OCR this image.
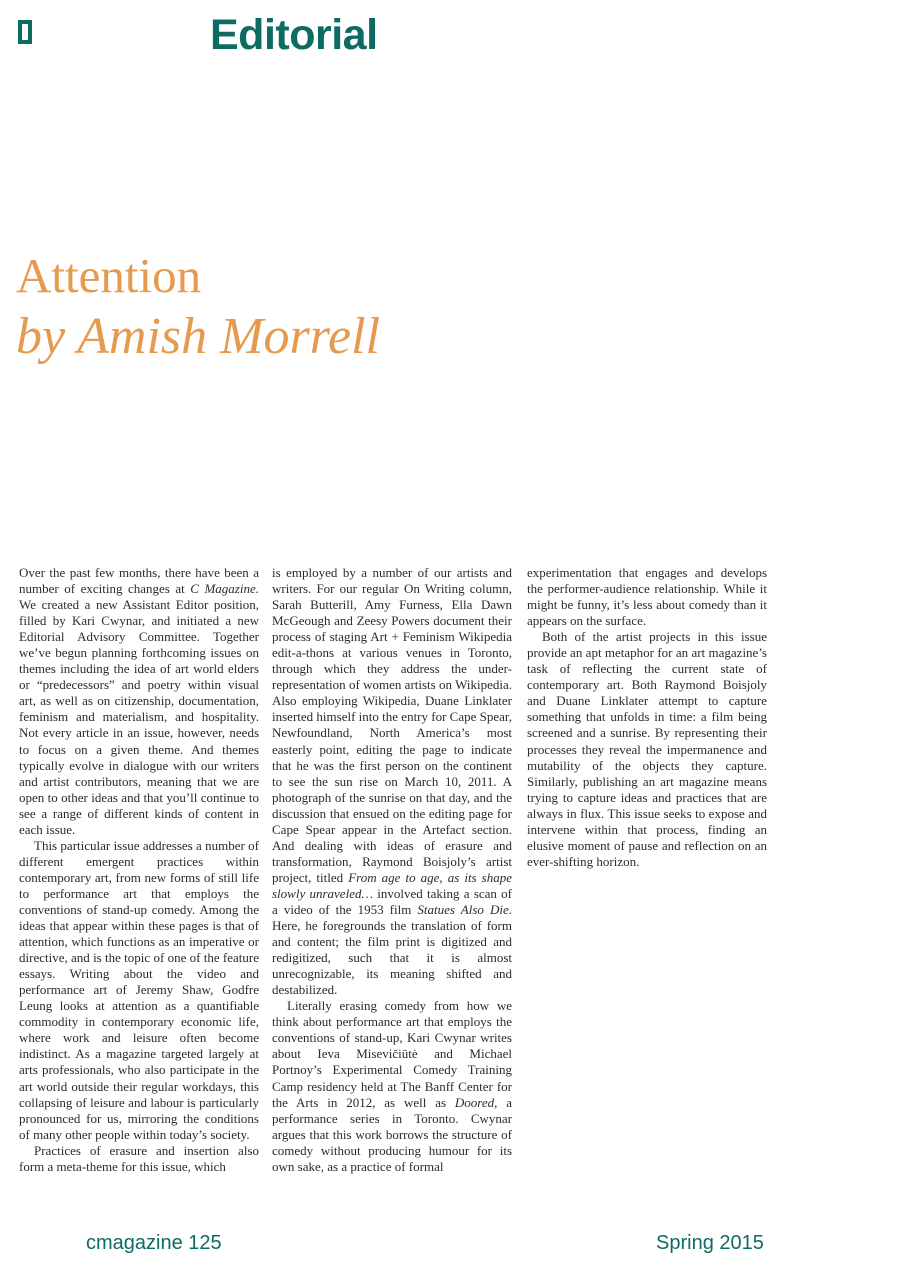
Editorial
Attention
by Amish Morrell

Over the past few months, there have been a number of exciting changes at C Magazine. We created a new Assistant Editor position, filled by Kari Cwynar, and initiated a new Editorial Advisory Committee. Together we’ve begun planning forthcoming issues on themes including the idea of art world elders or “predecessors” and poetry within visual art, as well as on citizenship, documentation, feminism and materialism, and hospitality. Not every article in an issue, however, needs to focus on a given theme. And themes typically evolve in dialogue with our writers and artist contributors, meaning that we are open to other ideas and that you’ll continue to see a range of different kinds of content in each issue.

This particular issue addresses a number of different emergent practices within contemporary art, from new forms of still life to performance art that employs the conventions of stand-up comedy. Among the ideas that appear within these pages is that of attention, which functions as an imperative or directive, and is the topic of one of the feature essays. Writing about the video and performance art of Jeremy Shaw, Godfre Leung looks at attention as a quantifiable commodity in contemporary economic life, where work and leisure often become indistinct. As a magazine targeted largely at arts professionals, who also participate in the art world outside their regular workdays, this collapsing of leisure and labour is particularly pronounced for us, mirroring the conditions of many other people within today’s society.

Practices of erasure and insertion also form a meta-theme for this issue, which

is employed by a number of our artists and writers. For our regular On Writing column, Sarah Butterill, Amy Furness, Ella Dawn McGeough and Zeesy Powers document their process of staging Art + Feminism Wikipedia edit-a-thons at various venues in Toronto, through which they address the under-representation of women artists on Wikipedia. Also employing Wikipedia, Duane Linklater inserted himself into the entry for Cape Spear, Newfoundland, North America’s most easterly point, editing the page to indicate that he was the first person on the continent to see the sun rise on March 10, 2011. A photograph of the sunrise on that day, and the discussion that ensued on the editing page for Cape Spear appear in the Artefact section. And dealing with ideas of erasure and transformation, Raymond Boisjoly’s artist project, titled From age to age, as its shape slowly unraveled… involved taking a scan of a video of the 1953 film Statues Also Die. Here, he foregrounds the translation of form and content; the film print is digitized and redigitized, such that it is almost unrecognizable, its meaning shifted and destabilized.

Literally erasing comedy from how we think about performance art that employs the conventions of stand-up, Kari Cwynar writes about Ieva Misevičiūtė and Michael Portnoy’s Experimental Comedy Training Camp residency held at The Banff Center for the Arts in 2012, as well as Doored, a performance series in Toronto. Cwynar argues that this work borrows the structure of comedy without producing humour for its own sake, as a practice of formal

experimentation that engages and develops the performer-audience relationship. While it might be funny, it’s less about comedy than it appears on the surface.

Both of the artist projects in this issue provide an apt metaphor for an art magazine’s task of reflecting the current state of contemporary art. Both Raymond Boisjoly and Duane Linklater attempt to capture something that unfolds in time: a film being screened and a sunrise. By representing their processes they reveal the impermanence and mutability of the objects they capture. Similarly, publishing an art magazine means trying to capture ideas and practices that are always in flux. This issue seeks to expose and intervene within that process, finding an elusive moment of pause and reflection on an ever-shifting horizon.

cmagazine 125	Spring 2015
